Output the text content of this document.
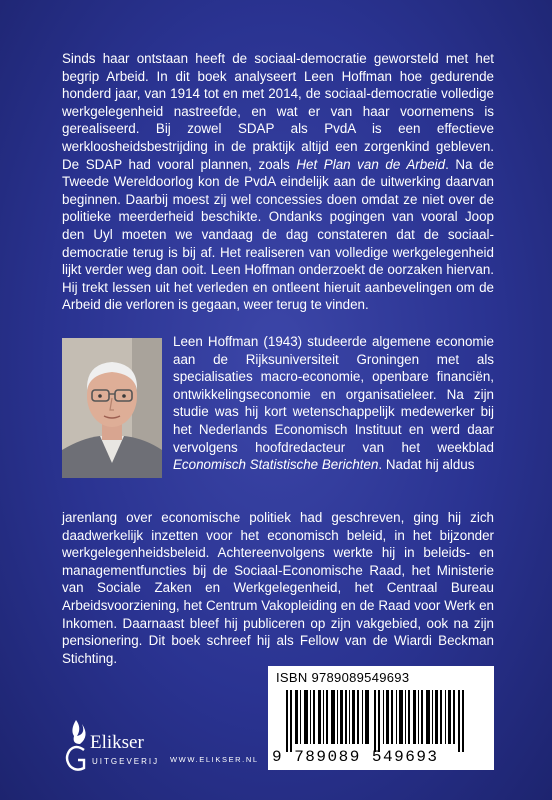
Sinds haar ontstaan heeft de sociaal-democratie geworsteld met het begrip Arbeid. In dit boek analyseert Leen Hoffman hoe gedurende honderd jaar, van 1914 tot en met 2014, de sociaal-democratie volledige werkgelegenheid nastreefde, en wat er van haar voornemens is gerealiseerd. Bij zowel SDAP als PvdA is een effectieve werkloosheidsbestrijding in de praktijk altijd een zorgenkind gebleven. De SDAP had vooral plannen, zoals Het Plan van de Arbeid. Na de Tweede Wereldoorlog kon de PvdA eindelijk aan de uitwerking daarvan beginnen. Daarbij moest zij wel concessies doen omdat ze niet over de politieke meerderheid beschikte. Ondanks pogingen van vooral Joop den Uyl moeten we vandaag de dag constateren dat de sociaal-democratie terug is bij af. Het realiseren van volledige werkgelegenheid lijkt verder weg dan ooit. Leen Hoffman onderzoekt de oorzaken hiervan. Hij trekt lessen uit het verleden en ontleent hieruit aanbevelingen om de Arbeid die verloren is gegaan, weer terug te vinden.

Leen Hoffman (1943) studeerde algemene economie aan de Rijksuniversiteit Groningen met als specialisaties macro-economie, openbare financiën, ontwikkelingseconomie en organisatieleer. Na zijn studie was hij kort wetenschappelijk medewerker bij het Nederlands Economisch Instituut en werd daar vervolgens hoofdredacteur van het weekblad Economisch Statistische Berichten. Nadat hij aldus

jarenlang over economische politiek had geschreven, ging hij zich daadwerkelijk inzetten voor het economisch beleid, in het bijzonder werkgelegenheidsbeleid. Achtereenvolgens werkte hij in beleids- en managementfuncties bij de Sociaal-Economische Raad, het Ministerie van Sociale Zaken en Werkgelegenheid, het Centraal Bureau Arbeidsvoorziening, het Centrum Vakopleiding en de Raad voor Werk en Inkomen. Daarnaast bleef hij publiceren op zijn vakgebied, ook na zijn pensionering. Dit boek schreef hij als Fellow van de Wiardi Beckman Stichting.

Elikser
UITGEVERIJ WWW.ELIKSER.NL
ISBN 9789089549693
9 789089 549693
